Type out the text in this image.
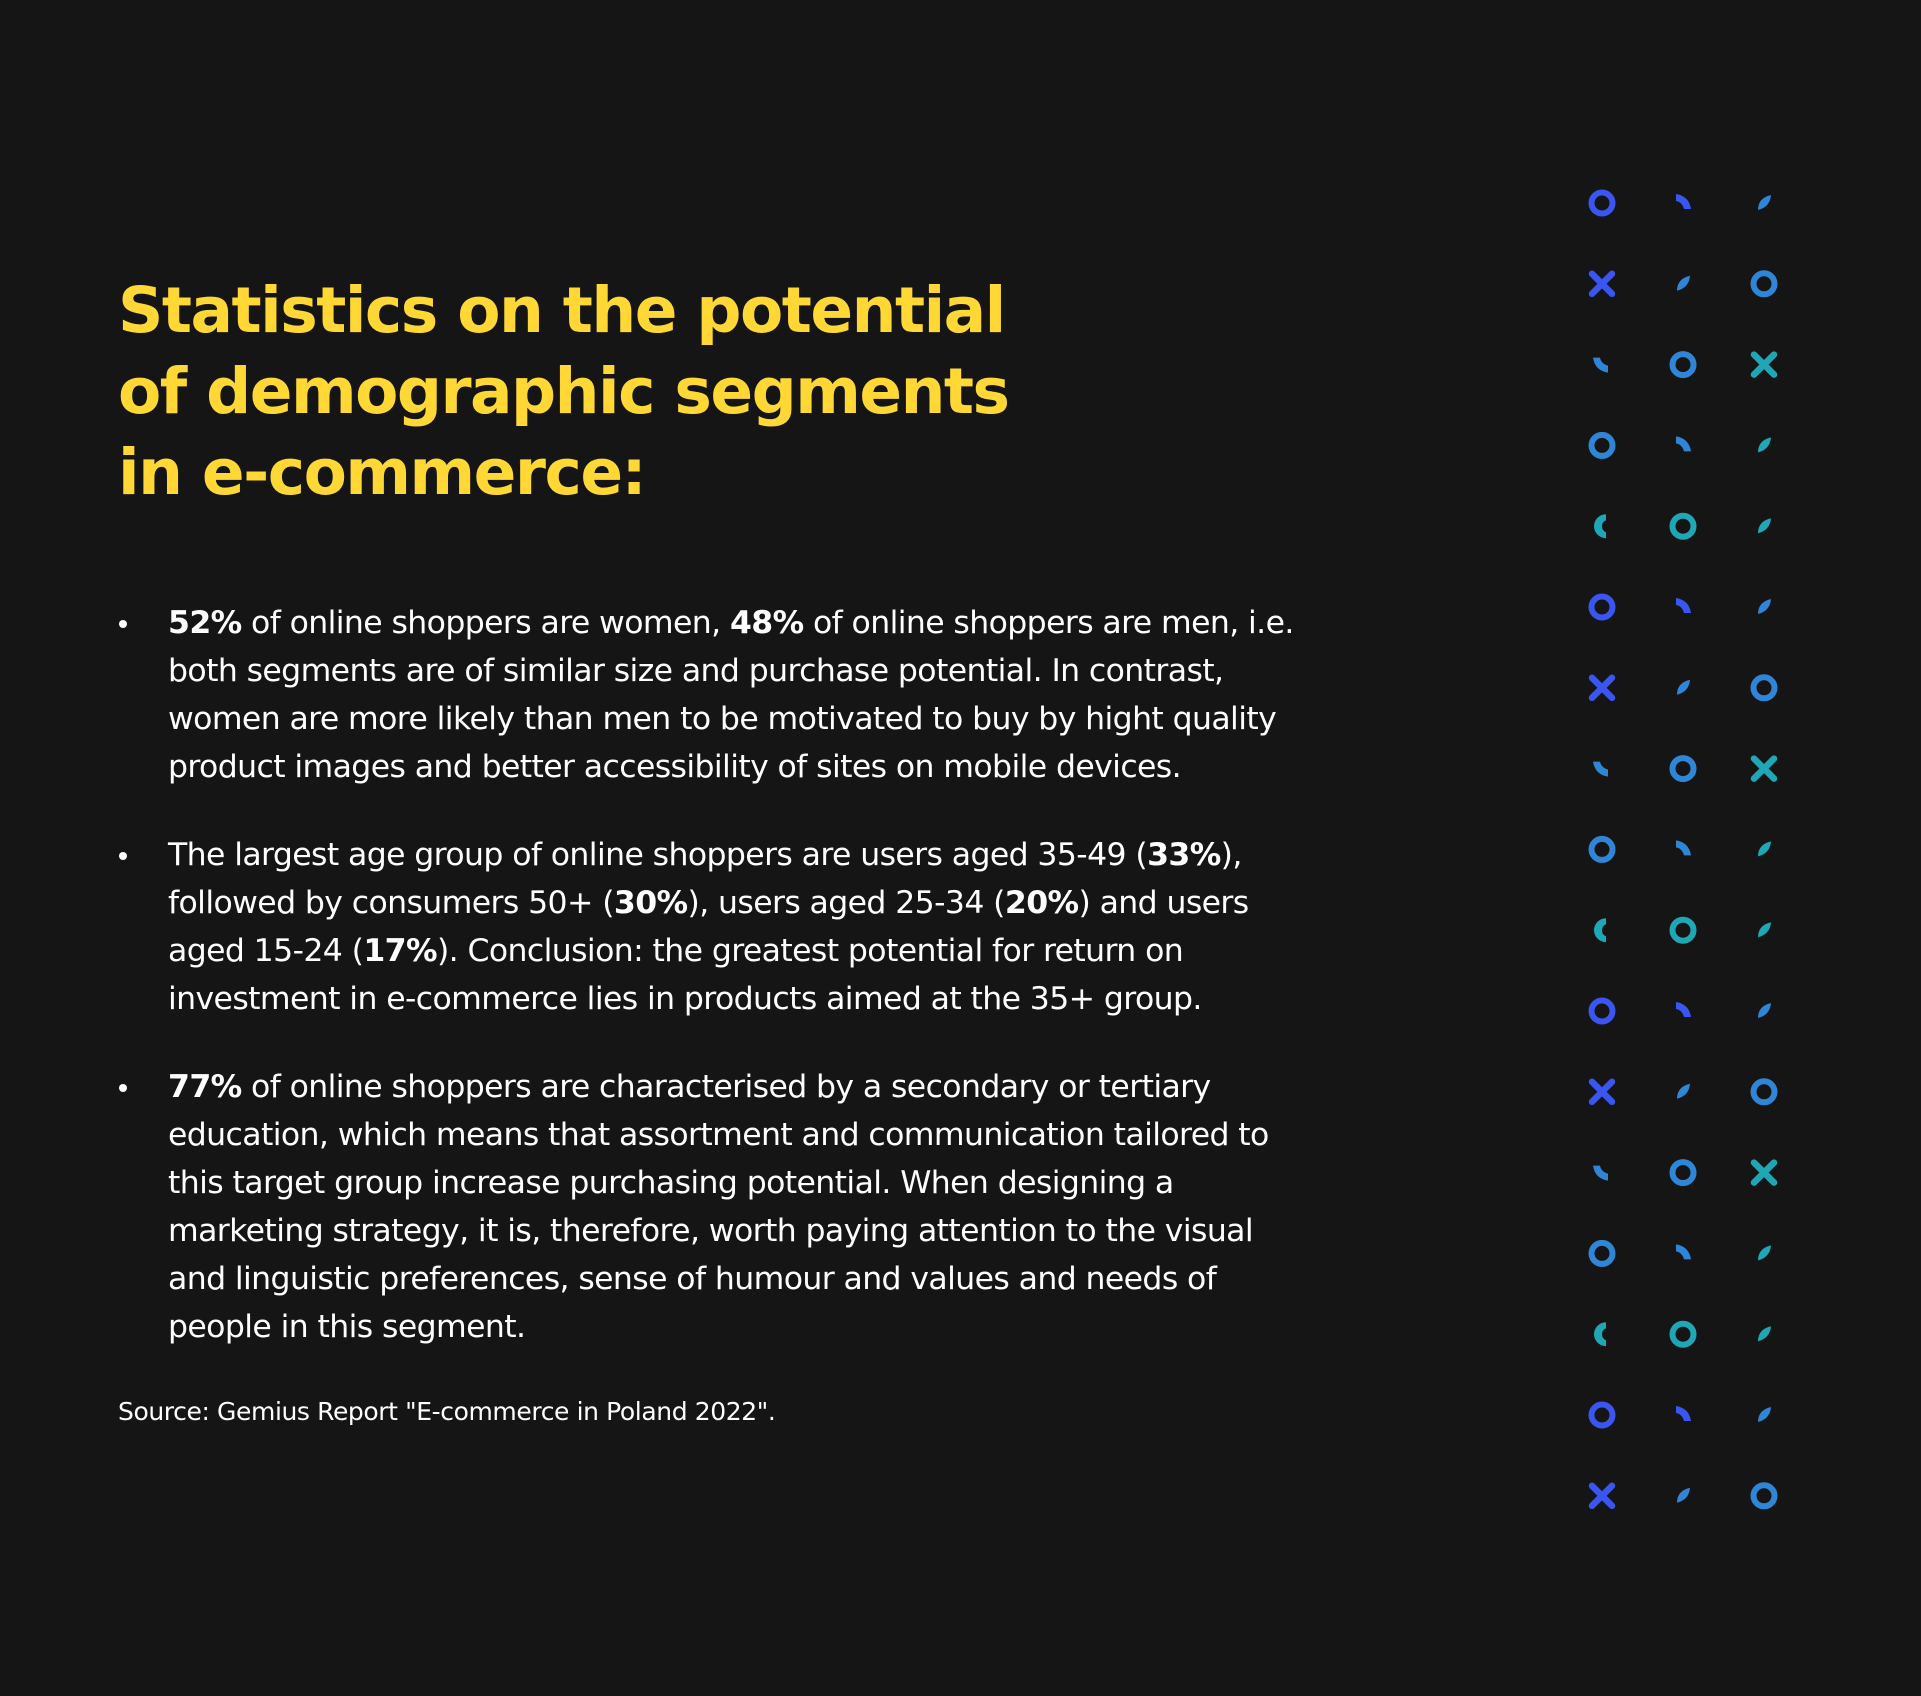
Statistics on the potential
of demographic segments
in e-commerce:
52% of online shoppers are women, 48% of online shoppers are men, i.e.
both segments are of similar size and purchase potential. In contrast,
women are more likely than men to be motivated to buy by hight quality
product images and better accessibility of sites on mobile devices.
The largest age group of online shoppers are users aged 35-49 (33%),
followed by consumers 50+ (30%), users aged 25-34 (20%) and users
aged 15-24 (17%). Conclusion: the greatest potential for return on
investment in e-commerce lies in products aimed at the 35+ group.
77% of online shoppers are characterised by a secondary or tertiary
education, which means that assortment and communication tailored to
this target group increase purchasing potential. When designing a
marketing strategy, it is, therefore, worth paying attention to the visual
and linguistic preferences, sense of humour and values and needs of
people in this segment.
Source: Gemius Report "E-commerce in Poland 2022".
